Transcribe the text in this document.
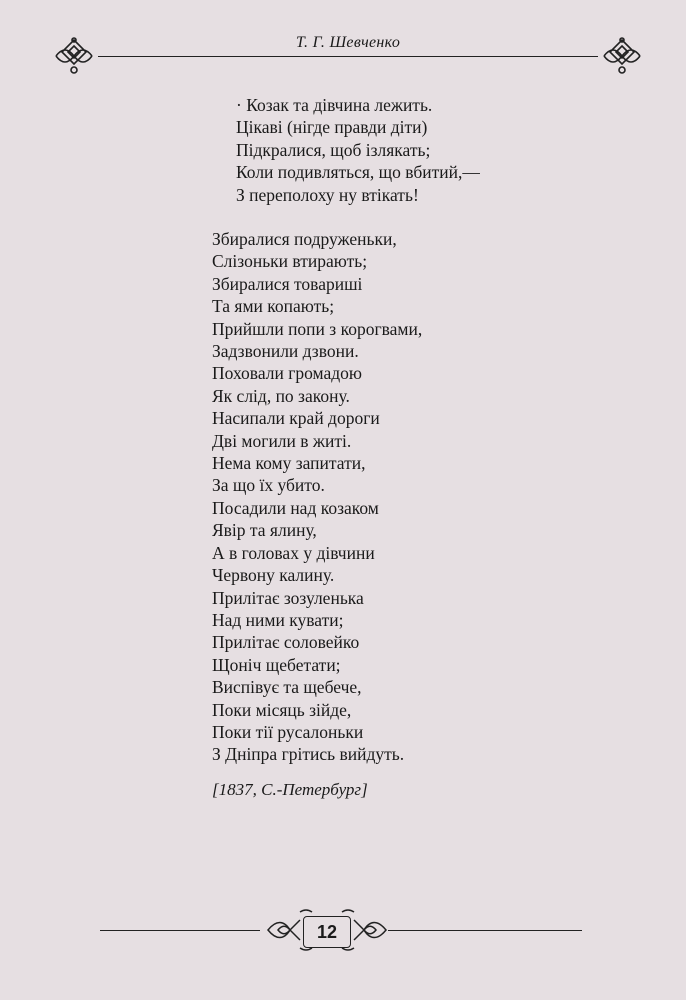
Т. Г. Шевченко
· Козак та дівчина лежить.
Цікаві (нігде правди діти)
Підкралися, щоб ізлякать;
Коли подивляться, що вбитий,—
З переполоху ну втікать!
Збиралися подруженьки,
Слізоньки втирають;
Збиралися товариші
Та ями копають;
Прийшли попи з корогвами,
Задзвонили дзвони.
Поховали громадою
Як слід, по закону.
Насипали край дороги
Дві могили в житі.
Нема кому запитати,
За що їх убито.
Посадили над козаком
Явір та ялину,
А в головах у дівчини
Червону калину.
Прилітає зозуленька
Над ними кувати;
Прилітає соловейко
Щоніч щебетати;
Виспівує та щебече,
Поки місяць зійде,
Поки тії русалоньки
З Дніпра грітись вийдуть.
[1837, С.-Петербург]
12
